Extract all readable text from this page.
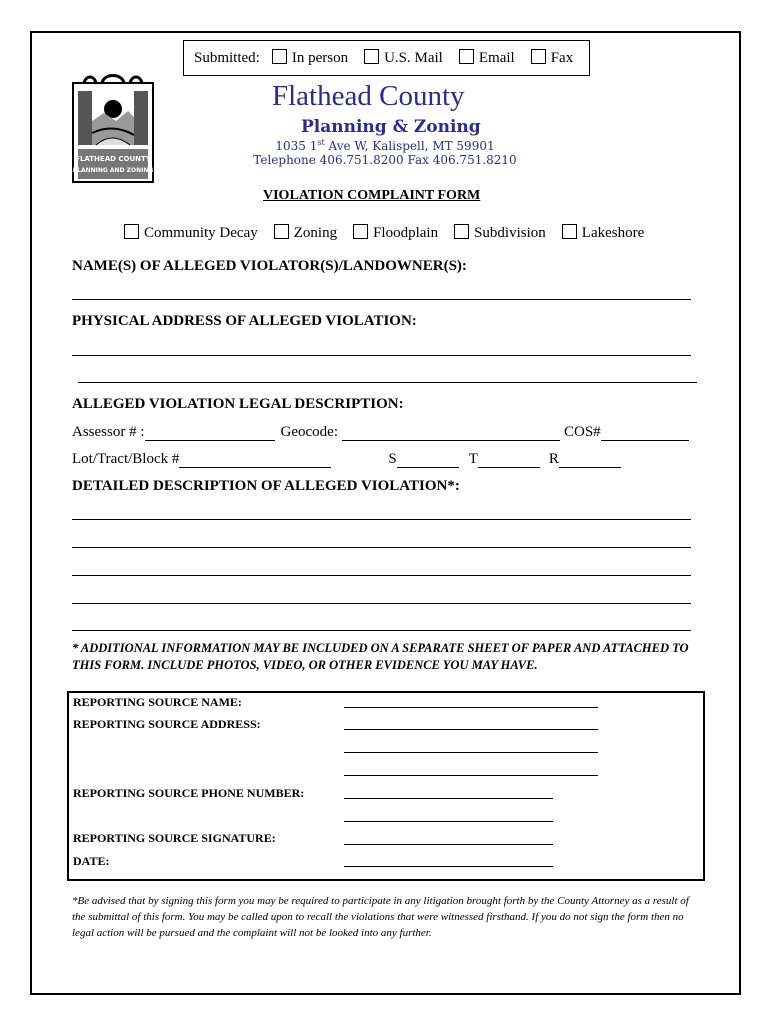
Submitted:	In person	U.S. Mail	Email	Fax
FLATHEAD COUNTY
PLANNING AND ZONING
Flathead County
Planning & Zoning
1035 1st Ave W, Kalispell, MT 59901
Telephone 406.751.8200 Fax 406.751.8210
VIOLATION COMPLAINT FORM
Community Decay	Zoning	Floodplain	Subdivision	Lakeshore
NAME(S) OF ALLEGED VIOLATOR(S)/LANDOWNER(S):
PHYSICAL ADDRESS OF ALLEGED VIOLATION:
ALLEGED VIOLATION LEGAL DESCRIPTION:
Assessor # :	Geocode:	COS#
Lot/Tract/Block #	S	T	R
DETAILED DESCRIPTION OF ALLEGED VIOLATION*:
* ADDITIONAL INFORMATION MAY BE INCLUDED ON A SEPARATE SHEET OF PAPER AND ATTACHED TO THIS FORM. INCLUDE PHOTOS, VIDEO, OR OTHER EVIDENCE YOU MAY HAVE.
REPORTING SOURCE NAME:
REPORTING SOURCE ADDRESS:
REPORTING SOURCE PHONE NUMBER:
REPORTING SOURCE SIGNATURE:
DATE:
*Be advised that by signing this form you may be required to participate in any litigation brought forth by the County Attorney as a result of the submittal of this form. You may be called upon to recall the violations that were witnessed firsthand. If you do not sign the form then no legal action will be pursued and the complaint will not be looked into any further.
